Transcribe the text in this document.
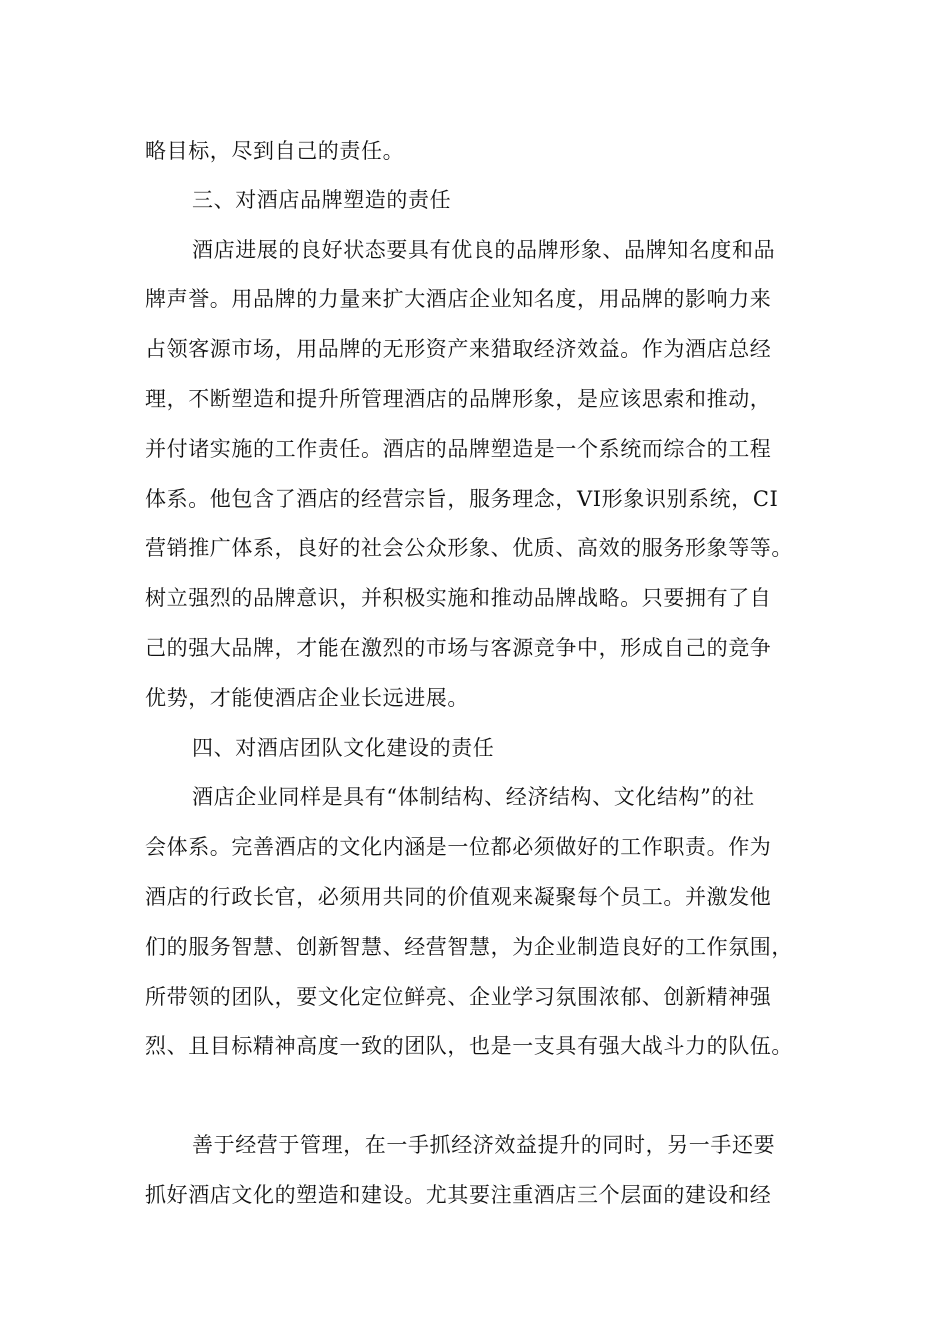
略目标，尽到自己的责任。
三、对酒店品牌塑造的责任
酒店进展的良好状态要具有优良的品牌形象、品牌知名度和品
牌声誉。用品牌的力量来扩大酒店企业知名度，用品牌的影响力来
占领客源市场，用品牌的无形资产来猎取经济效益。作为酒店总经
理，不断塑造和提升所管理酒店的品牌形象，是应该思索和推动，
并付诸实施的工作责任。酒店的品牌塑造是一个系统而综合的工程
体系。他包含了酒店的经营宗旨，服务理念，VI形象识别系统，CI
营销推广体系，良好的社会公众形象、优质、高效的服务形象等等。
树立强烈的品牌意识，并积极实施和推动品牌战略。只要拥有了自
己的强大品牌，才能在激烈的市场与客源竞争中，形成自己的竞争
优势，才能使酒店企业长远进展。
四、对酒店团队文化建设的责任
酒店企业同样是具有“体制结构、经济结构、文化结构”的社
会体系。完善酒店的文化内涵是一位都必须做好的工作职责。作为
酒店的行政长官，必须用共同的价值观来凝聚每个员工。并激发他
们的服务智慧、创新智慧、经营智慧，为企业制造良好的工作氛围，
所带领的团队，要文化定位鲜亮、企业学习氛围浓郁、创新精神强
烈、且目标精神高度一致的团队，也是一支具有强大战斗力的队伍。
善于经营于管理，在一手抓经济效益提升的同时，另一手还要
抓好酒店文化的塑造和建设。尤其要注重酒店三个层面的建设和经
